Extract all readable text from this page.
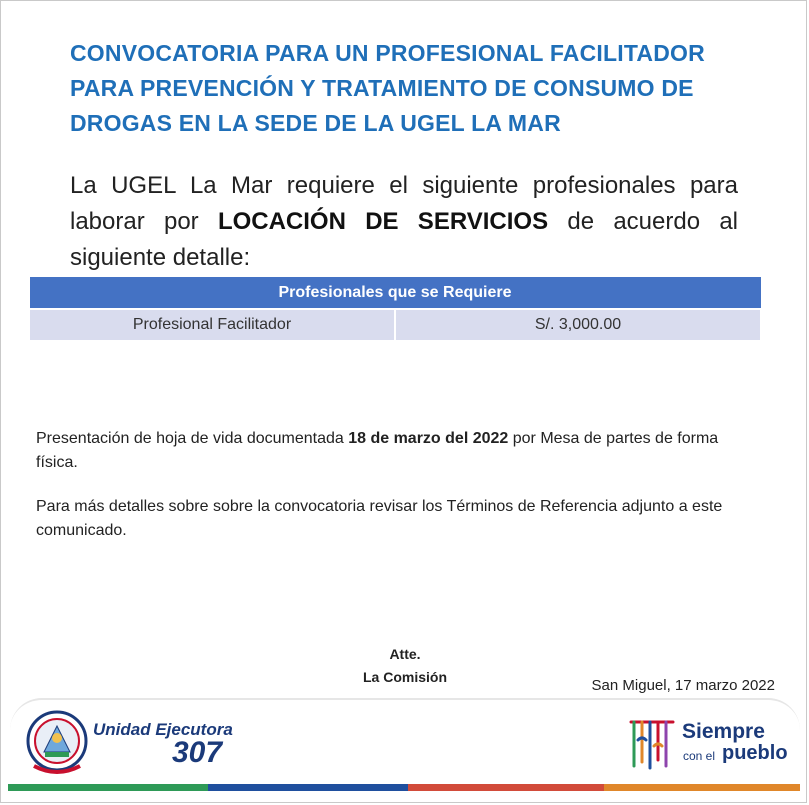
CONVOCATORIA PARA UN PROFESIONAL FACILITADOR PARA PREVENCIÓN Y TRATAMIENTO DE CONSUMO DE DROGAS EN LA SEDE DE LA UGEL LA MAR
La UGEL La Mar requiere el siguiente profesionales para laborar por LOCACIÓN DE SERVICIOS de acuerdo al siguiente detalle:
Profesionales que se Requiere
Profesional Facilitador	S/. 3,000.00
Presentación de hoja de vida documentada 18 de marzo del 2022 por Mesa de partes de forma física.
Para más detalles sobre sobre la convocatoria revisar los Términos de Referencia adjunto a este comunicado.
Atte.
La Comisión	San Miguel, 17 marzo 2022
Unidad Ejecutora
307
Siempre
con el pueblo
